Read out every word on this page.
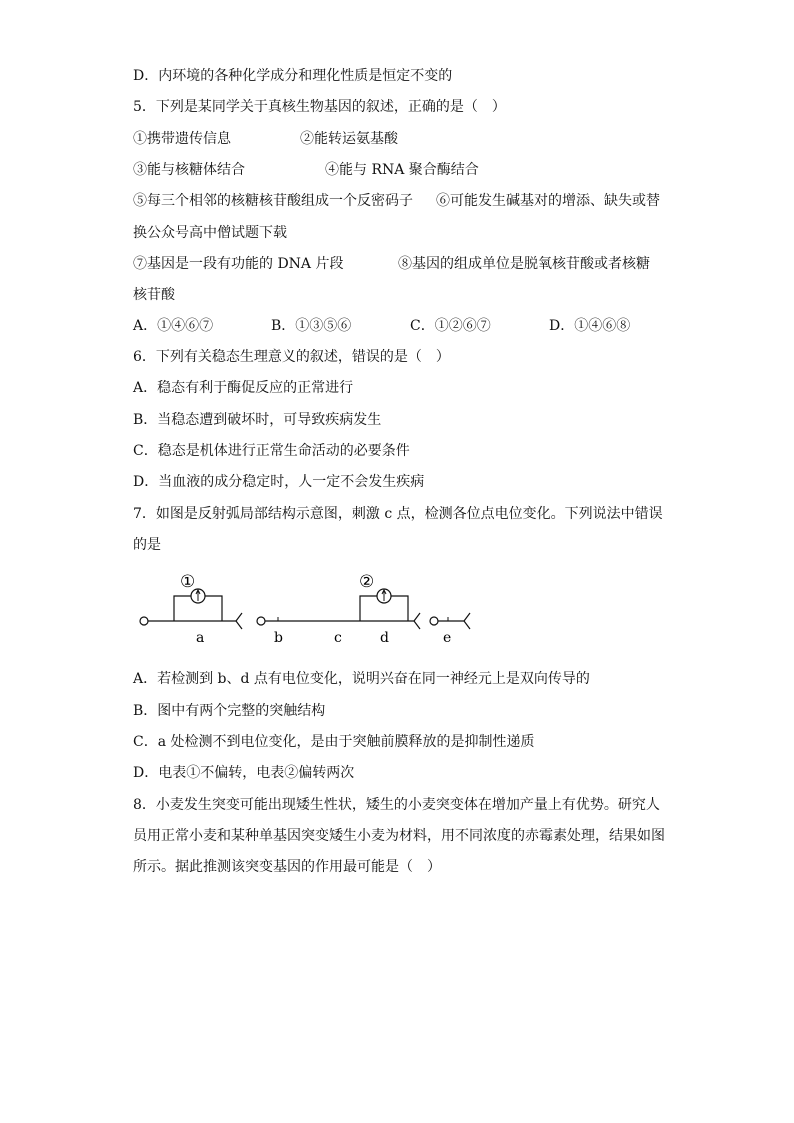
D．内环境的各种化学成分和理化性质是恒定不变的
5．下列是某同学关于真核生物基因的叙述，正确的是（　）
①携带遗传信息	②能转运氨基酸
③能与核糖体结合	④能与 RNA 聚合酶结合
⑤每三个相邻的核糖核苷酸组成一个反密码子 ⑥可能发生碱基对的增添、缺失或替
换公众号高中僧试题下载
⑦基因是一段有功能的 DNA 片段	⑧基因的组成单位是脱氧核苷酸或者核糖
核苷酸
A．①④⑥⑦	B．①③⑤⑥	C．①②⑥⑦	D．①④⑥⑧
6．下列有关稳态生理意义的叙述，错误的是（　）
A．稳态有利于酶促反应的正常进行
B．当稳态遭到破坏时，可导致疾病发生
C．稳态是机体进行正常生命活动的必要条件
D．当血液的成分稳定时，人一定不会发生疾病
7．如图是反射弧局部结构示意图，刺激 c 点，检测各位点电位变化。下列说法中错误
的是
①	②
a	b	c	d	e
A．若检测到 b、d 点有电位变化，说明兴奋在同一神经元上是双向传导的
B．图中有两个完整的突触结构
C．a 处检测不到电位变化，是由于突触前膜释放的是抑制性递质
D．电表①不偏转，电表②偏转两次
8．小麦发生突变可能出现矮生性状，矮生的小麦突变体在增加产量上有优势。研究人
员用正常小麦和某种单基因突变矮生小麦为材料，用不同浓度的赤霉素处理，结果如图
所示。据此推测该突变基因的作用最可能是（　）
